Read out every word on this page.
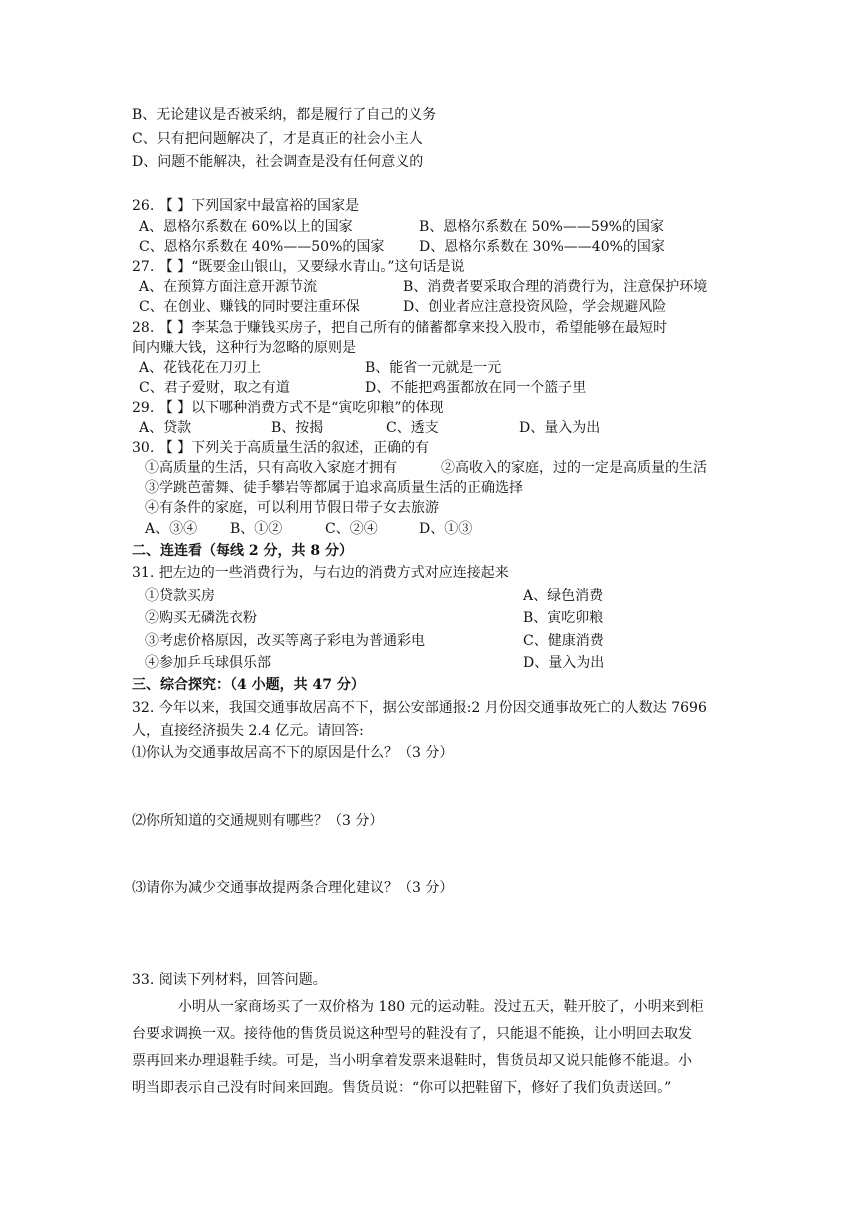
B、无论建议是否被采纳，都是履行了自己的义务
C、只有把问题解决了，才是真正的社会小主人
D、问题不能解决，社会调查是没有任何意义的
26. 【 】下列国家中最富裕的国家是
A、恩格尔系数在 60%以上的国家	B、恩格尔系数在 50%——59%的国家
C、恩格尔系数在 40%——50%的国家 D、恩格尔系数在 30%——40%的国家
27. 【 】“既要金山银山，又要绿水青山。”这句话是说
A、在预算方面注意开源节流	B、消费者要采取合理的消费行为，注意保护环境
C、在创业、赚钱的同时要注重环保	D、创业者应注意投资风险，学会规避风险
28. 【 】李某急于赚钱买房子，把自己所有的储蓄都拿来投入股市，希望能够在最短时
间内赚大钱，这种行为忽略的原则是
A、花钱花在刀刃上	B、能省一元就是一元
C、君子爱财，取之有道	D、不能把鸡蛋都放在同一个篮子里
29. 【 】以下哪种消费方式不是“寅吃卯粮”的体现
A、贷款	B、按揭	C、透支	D、量入为出
30. 【 】下列关于高质量生活的叙述，正确的有
①高质量的生活，只有高收入家庭才拥有	②高收入的家庭，过的一定是高质量的生活
③学跳芭蕾舞、徒手攀岩等都属于追求高质量生活的正确选择
④有条件的家庭，可以利用节假日带子女去旅游
A、③④ B、①②	C、②④	D、①③
二、连连看（每线 2 分，共 8 分）
31. 把左边的一些消费行为，与右边的消费方式对应连接起来
①贷款买房	A、绿色消费
②购买无磷洗衣粉	B、寅吃卯粮
③考虑价格原因，改买等离子彩电为普通彩电	C、健康消费
④参加乒乓球俱乐部	D、量入为出
三、综合探究：（4 小题，共 47 分）
32. 今年以来，我国交通事故居高不下，据公安部通报:2 月份因交通事故死亡的人数达 7696
人，直接经济损失 2.4 亿元。请回答:
⑴你认为交通事故居高不下的原因是什么？（3 分）
⑵你所知道的交通规则有哪些？（3 分）
⑶请你为减少交通事故提两条合理化建议？（3 分）
33. 阅读下列材料，回答问题。
小明从一家商场买了一双价格为 180 元的运动鞋。没过五天，鞋开胶了，小明来到柜
台要求调换一双。接待他的售货员说这种型号的鞋没有了，只能退不能换，让小明回去取发
票再回来办理退鞋手续。可是，当小明拿着发票来退鞋时，售货员却又说只能修不能退。小
明当即表示自己没有时间来回跑。售货员说：“你可以把鞋留下，修好了我们负责送回。”
